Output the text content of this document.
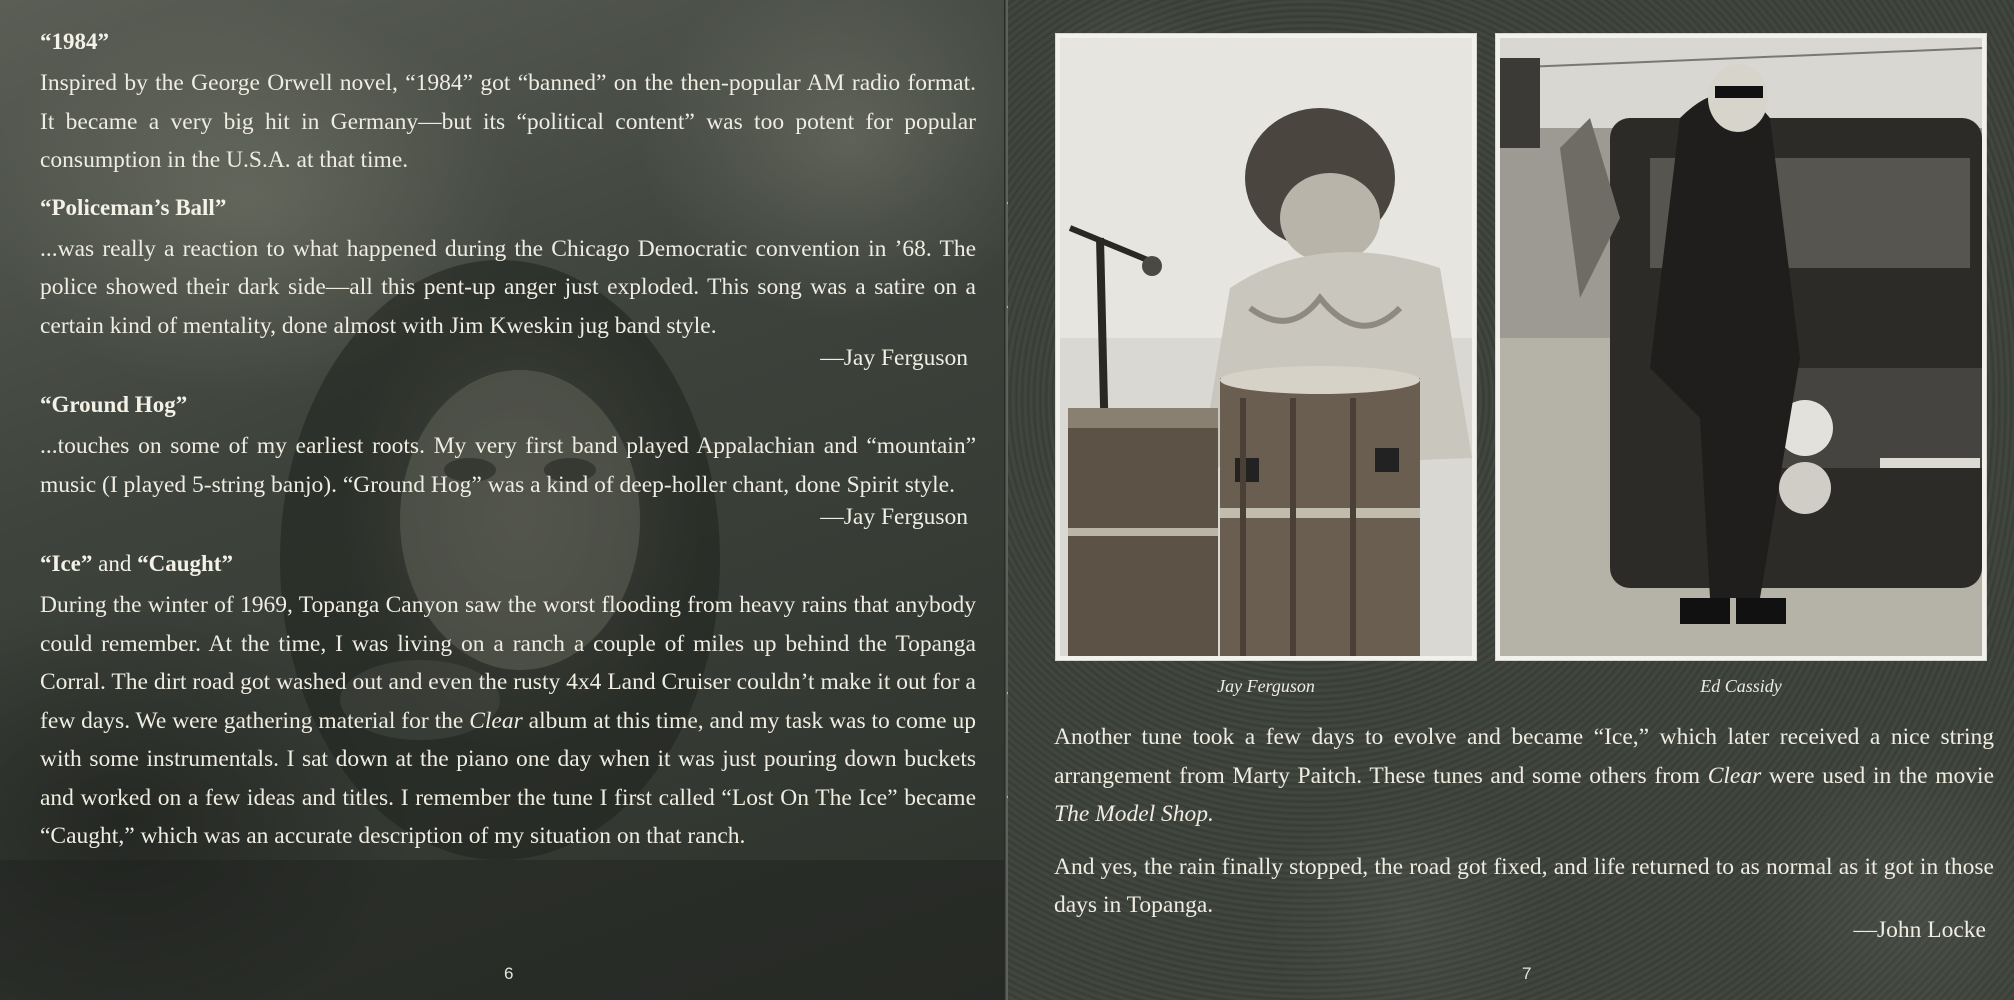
“1984”

Inspired by the George Orwell novel, “1984” got “banned” on the then-popular AM radio format. It became a very big hit in Germany—but its “political content” was too potent for popular consumption in the U.S.A. at that time.

“Policeman’s Ball”

...was really a reaction to what happened during the Chicago Democratic convention in ’68. The police showed their dark side—all this pent-up anger just exploded. This song was a satire on a certain kind of mentality, done almost with Jim Kweskin jug band style.

—Jay Ferguson

“Ground Hog”

...touches on some of my earliest roots. My very first band played Appalachian and “mountain” music (I played 5-string banjo). “Ground Hog” was a kind of deep-holler chant, done Spirit style.

—Jay Ferguson

“Ice” and “Caught”

During the winter of 1969, Topanga Canyon saw the worst flooding from heavy rains that anybody could remember. At the time, I was living on a ranch a couple of miles up behind the Topanga Corral. The dirt road got washed out and even the rusty 4x4 Land Cruiser couldn’t make it out for a few days. We were gathering material for the Clear album at this time, and my task was to come up with some instrumentals. I sat down at the piano one day when it was just pouring down buckets and worked on a few ideas and titles. I remember the tune I first called “Lost On The Ice” became “Caught,” which was an accurate description of my situation on that ranch.

6
Jay Ferguson	Ed Cassidy

Another tune took a few days to evolve and became “Ice,” which later received a nice string arrangement from Marty Paitch. These tunes and some others from Clear were used in the movie The Model Shop.

And yes, the rain finally stopped, the road got fixed, and life returned to as normal as it got in those days in Topanga.

—John Locke

7
